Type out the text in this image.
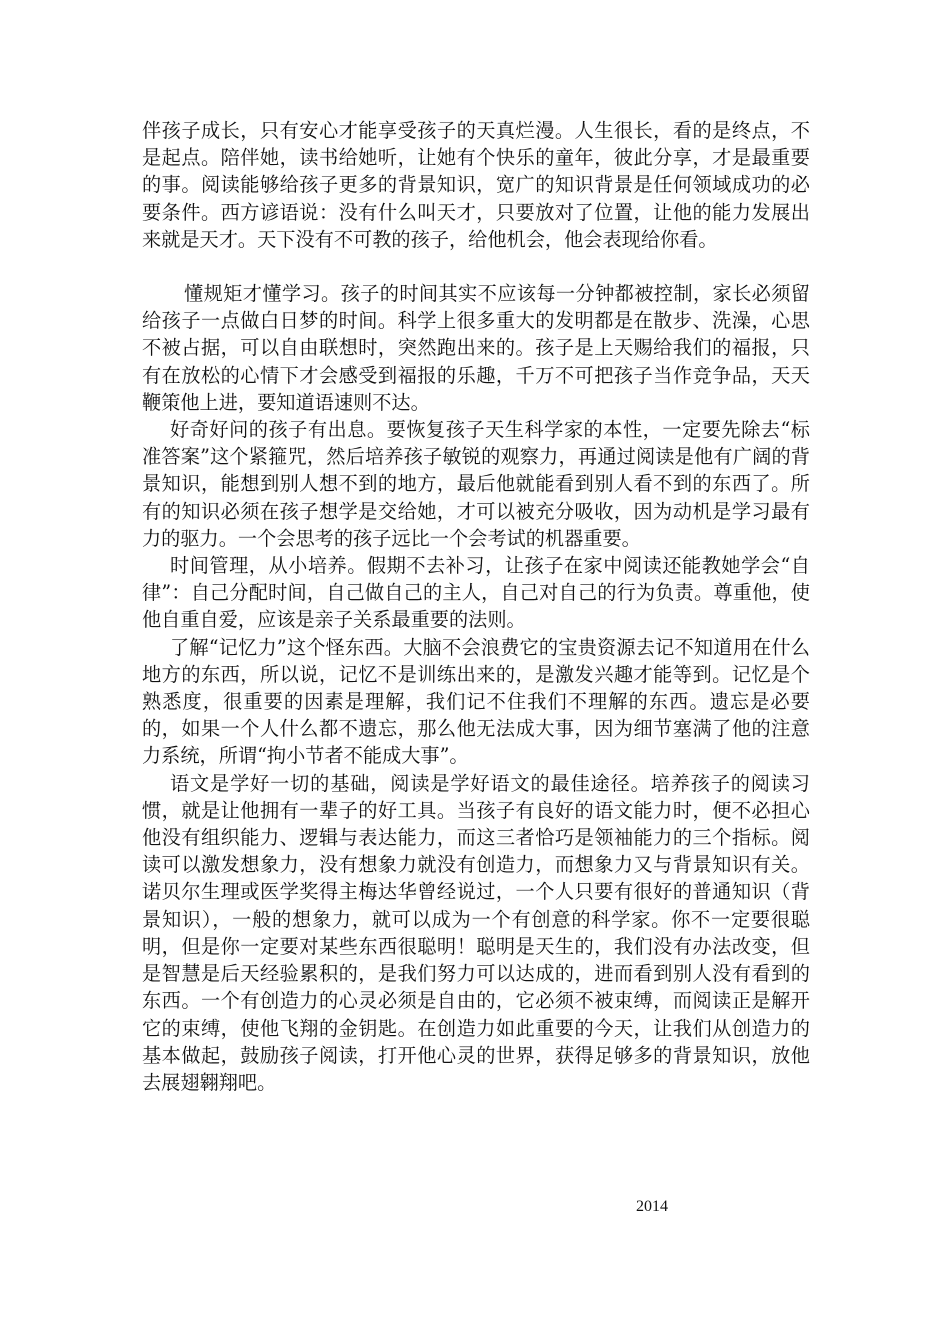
伴孩子成长，只有安心才能享受孩子的天真烂漫。人生很长，看的是终点，不是起点。陪伴她，读书给她听，让她有个快乐的童年，彼此分享，才是最重要的事。阅读能够给孩子更多的背景知识，宽广的知识背景是任何领域成功的必要条件。西方谚语说：没有什么叫天才，只要放对了位置，让他的能力发展出来就是天才。天下没有不可教的孩子，给他机会，他会表现给你看。

懂规矩才懂学习。孩子的时间其实不应该每一分钟都被控制，家长必须留给孩子一点做白日梦的时间。科学上很多重大的发明都是在散步、洗澡，心思不被占据，可以自由联想时，突然跑出来的。孩子是上天赐给我们的福报，只有在放松的心情下才会感受到福报的乐趣，千万不可把孩子当作竞争品，天天鞭策他上进，要知道语速则不达。

好奇好问的孩子有出息。要恢复孩子天生科学家的本性，一定要先除去“标准答案”这个紧箍咒，然后培养孩子敏锐的观察力，再通过阅读是他有广阔的背景知识，能想到别人想不到的地方，最后他就能看到别人看不到的东西了。所有的知识必须在孩子想学是交给她，才可以被充分吸收，因为动机是学习最有力的驱力。一个会思考的孩子远比一个会考试的机器重要。

时间管理，从小培养。假期不去补习，让孩子在家中阅读还能教她学会“自律”：自己分配时间，自己做自己的主人，自己对自己的行为负责。尊重他，使他自重自爱，应该是亲子关系最重要的法则。

了解“记忆力”这个怪东西。大脑不会浪费它的宝贵资源去记不知道用在什么地方的东西，所以说，记忆不是训练出来的，是激发兴趣才能等到。记忆是个熟悉度，很重要的因素是理解，我们记不住我们不理解的东西。遗忘是必要的，如果一个人什么都不遗忘，那么他无法成大事，因为细节塞满了他的注意力系统，所谓“拘小节者不能成大事”。

语文是学好一切的基础，阅读是学好语文的最佳途径。培养孩子的阅读习惯，就是让他拥有一辈子的好工具。当孩子有良好的语文能力时，便不必担心他没有组织能力、逻辑与表达能力，而这三者恰巧是领袖能力的三个指标。阅读可以激发想象力，没有想象力就没有创造力，而想象力又与背景知识有关。诺贝尔生理或医学奖得主梅达华曾经说过，一个人只要有很好的普通知识（背景知识），一般的想象力，就可以成为一个有创意的科学家。你不一定要很聪明，但是你一定要对某些东西很聪明！聪明是天生的，我们没有办法改变，但是智慧是后天经验累积的，是我们努力可以达成的，进而看到别人没有看到的东西。一个有创造力的心灵必须是自由的，它必须不被束缚，而阅读正是解开它的束缚，使他飞翔的金钥匙。在创造力如此重要的今天，让我们从创造力的基本做起，鼓励孩子阅读，打开他心灵的世界，获得足够多的背景知识，放他去展翅翱翔吧。

2014
